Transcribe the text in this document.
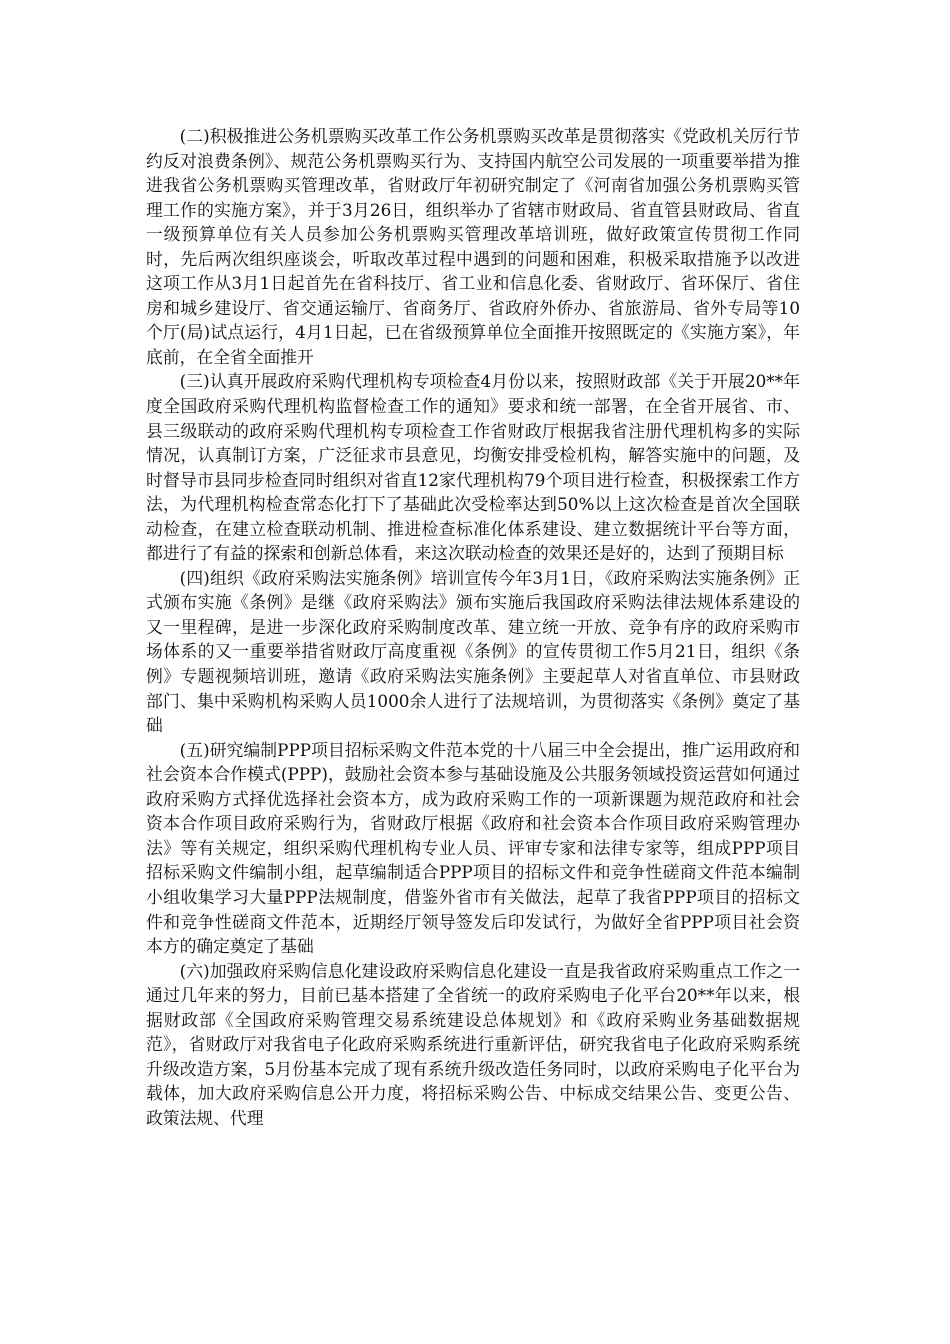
(二)积极推进公务机票购买改革工作公务机票购买改革是贯彻落实《党政机关厉行节约反对浪费条例》、规范公务机票购买行为、支持国内航空公司发展的一项重要举措为推进我省公务机票购买管理改革，省财政厅年初研究制定了《河南省加强公务机票购买管理工作的实施方案》，并于3月26日，组织举办了省辖市财政局、省直管县财政局、省直一级预算单位有关人员参加公务机票购买管理改革培训班，做好政策宣传贯彻工作同时，先后两次组织座谈会，听取改革过程中遇到的问题和困难，积极采取措施予以改进这项工作从3月1日起首先在省科技厅、省工业和信息化委、省财政厅、省环保厅、省住房和城乡建设厅、省交通运输厅、省商务厅、省政府外侨办、省旅游局、省外专局等10个厅(局)试点运行，4月1日起，已在省级预算单位全面推开按照既定的《实施方案》，年底前，在全省全面推开

(三)认真开展政府采购代理机构专项检查4月份以来，按照财政部《关于开展20**年度全国政府采购代理机构监督检查工作的通知》要求和统一部署，在全省开展省、市、县三级联动的政府采购代理机构专项检查工作省财政厅根据我省注册代理机构多的实际情况，认真制订方案，广泛征求市县意见，均衡安排受检机构，解答实施中的问题，及时督导市县同步检查同时组织对省直12家代理机构79个项目进行检查，积极探索工作方法，为代理机构检查常态化打下了基础此次受检率达到50%以上这次检查是首次全国联动检查，在建立检查联动机制、推进检查标准化体系建设、建立数据统计平台等方面，都进行了有益的探索和创新总体看，来这次联动检查的效果还是好的，达到了预期目标

(四)组织《政府采购法实施条例》培训宣传今年3月1日，《政府采购法实施条例》正式颁布实施《条例》是继《政府采购法》颁布实施后我国政府采购法律法规体系建设的又一里程碑，是进一步深化政府采购制度改革、建立统一开放、竞争有序的政府采购市场体系的又一重要举措省财政厅高度重视《条例》的宣传贯彻工作5月21日，组织《条例》专题视频培训班，邀请《政府采购法实施条例》主要起草人对省直单位、市县财政部门、集中采购机构采购人员1000余人进行了法规培训，为贯彻落实《条例》奠定了基础

(五)研究编制PPP项目招标采购文件范本党的十八届三中全会提出，推广运用政府和社会资本合作模式(PPP)，鼓励社会资本参与基础设施及公共服务领域投资运营如何通过政府采购方式择优选择社会资本方，成为政府采购工作的一项新课题为规范政府和社会资本合作项目政府采购行为，省财政厅根据《政府和社会资本合作项目政府采购管理办法》等有关规定，组织采购代理机构专业人员、评审专家和法律专家等，组成PPP项目招标采购文件编制小组，起草编制适合PPP项目的招标文件和竞争性磋商文件范本编制小组收集学习大量PPP法规制度，借鉴外省市有关做法，起草了我省PPP项目的招标文件和竞争性磋商文件范本，近期经厅领导签发后印发试行，为做好全省PPP项目社会资本方的确定奠定了基础

(六)加强政府采购信息化建设政府采购信息化建设一直是我省政府采购重点工作之一通过几年来的努力，目前已基本搭建了全省统一的政府采购电子化平台20**年以来，根据财政部《全国政府采购管理交易系统建设总体规划》和《政府采购业务基础数据规范》，省财政厅对我省电子化政府采购系统进行重新评估，研究我省电子化政府采购系统升级改造方案，5月份基本完成了现有系统升级改造任务同时，以政府采购电子化平台为载体，加大政府采购信息公开力度，将招标采购公告、中标成交结果公告、变更公告、政策法规、代理
